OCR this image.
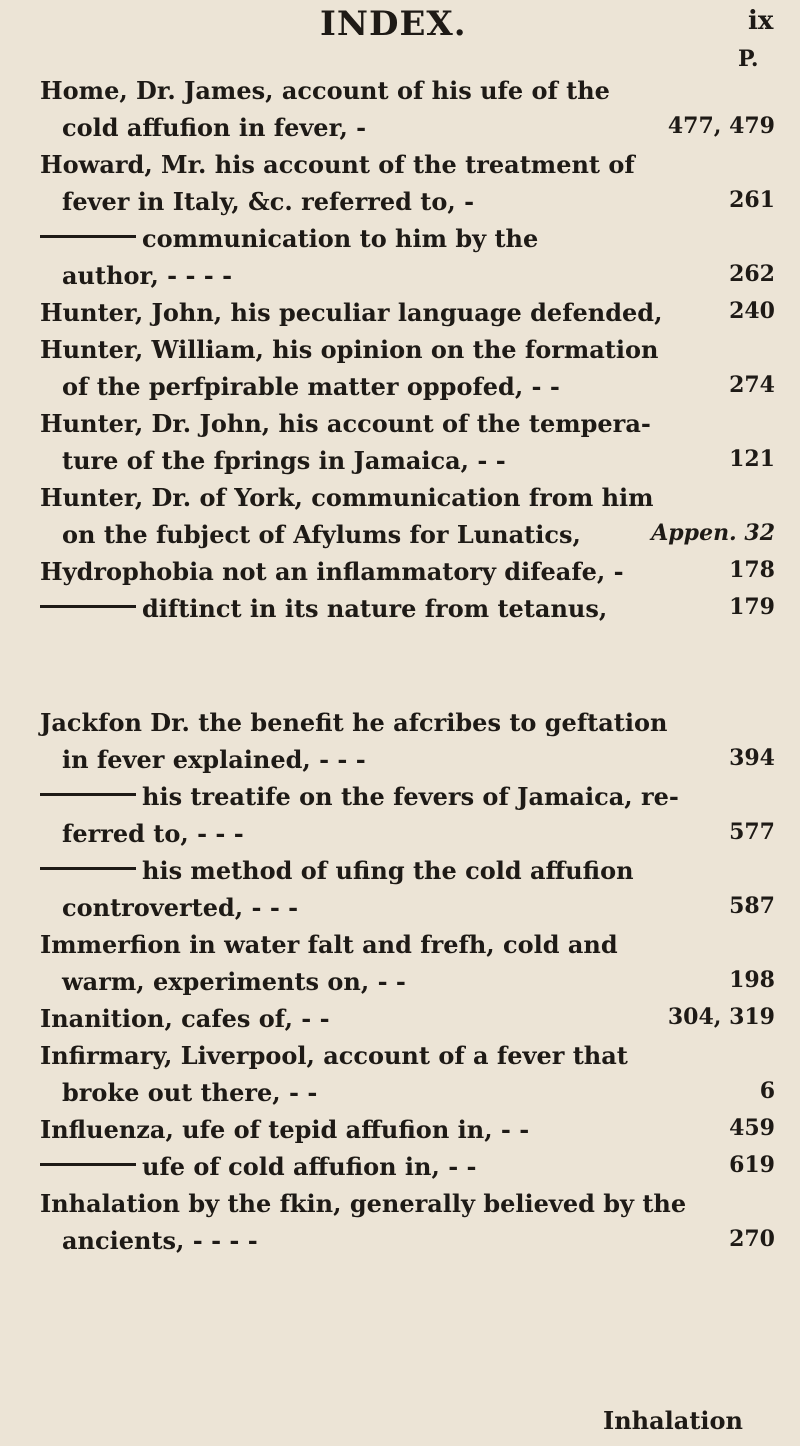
INDEX.	ix
P.
Home, Dr. James, account of his ufe of the
cold affufion in fever, -	477, 479
Howard, Mr. his account of the treatment of
fever in Italy, &c. referred to, -	261
communication to him by the
author, - - - -	262
Hunter, John, his peculiar language defended,	240
Hunter, William, his opinion on the formation
of the perfpirable matter oppofed, - -	274
Hunter, Dr. John, his account of the tempera-
ture of the fprings in Jamaica, - -	121
Hunter, Dr. of York, communication from him
on the fubject of Afylums for Lunatics,	Appen. 32
Hydrophobia not an inflammatory difeafe, -	178
diftinct in its nature from tetanus,	179
Jackfon Dr. the benefit he afcribes to geftation
in fever explained, - - -	394
his treatife on the fevers of Jamaica, re-
ferred to, - - -	577
his method of ufing the cold affufion
controverted, - - -	587
Immerfion in water falt and frefh, cold and
warm, experiments on, - -	198
Inanition, cafes of, - -	304, 319
Infirmary, Liverpool, account of a fever that
broke out there, - -	6
Influenza, ufe of tepid affufion in, - -	459
ufe of cold affufion in, - -	619
Inhalation by the fkin, generally believed by the
ancients, - - - -	270
Inhalation
